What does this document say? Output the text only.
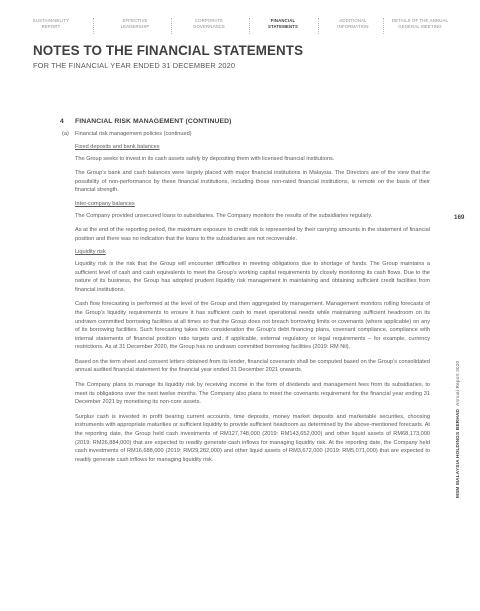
SUSTAINABILITY
REPORT
EFFECTIVE
LEADERSHIP
CORPORATE
GOVERNANCE
FINANCIAL
STATEMENTS
ADDITIONAL
INFORMATION
DETAILS OF THE ANNUAL
GENERAL MEETING
NOTES TO THE FINANCIAL STATEMENTS

FOR THE FINANCIAL YEAR ENDED 31 DECEMBER 2020

4 FINANCIAL RISK MANAGEMENT (CONTINUED)
(a) Financial risk management policies (continued)

Fixed deposits and bank balances

The Group seeks to invest in its cash assets safely by depositing them with licensed financial institutions.

The Group’s bank and cash balances were largely placed with major financial institutions in Malaysia. The Directors are of the view that the possibility of non-performance by these financial institutions, including those non-rated financial institutions, is remote on the basis of their financial strength.

Inter-company balances

The Company provided unsecured loans to subsidiaries. The Company monitors the results of the subsidiaries regularly.

As at the end of the reporting period, the maximum exposure to credit risk is represented by their carrying amounts in the statement of financial position and there was no indication that the loans to the subsidiaries are not recoverable.

Liquidity risk

Liquidity risk is the risk that the Group will encounter difficulties in meeting obligations due to shortage of funds. The Group maintains a sufficient level of cash and cash equivalents to meet the Group’s working capital requirements by closely monitoring its cash flows. Due to the nature of its business, the Group has adopted prudent liquidity risk management in maintaining and obtaining sufficient credit facilities from financial institutions.

Cash flow forecasting is performed at the level of the Group and then aggregated by management. Management monitors rolling forecasts of the Group’s liquidity requirements to ensure it has sufficient cash to meet operational needs while maintaining sufficient headroom on its undrawn committed borrowing facilities at all times so that the Group does not breach borrowing limits or covenants (where applicable) on any of its borrowing facilities. Such forecasting takes into consideration the Group’s debt financing plans, covenant compliance, compliance with internal statements of financial position ratio targets and, if applicable, external regulatory or legal requirements – for example, currency restrictions. As at 31 December 2020, the Group has no undrawn committed borrowing facilities (2019: RM Nil).

Based on the term sheet and consent letters obtained from its lender, financial covenants shall be computed based on the Group’s consolidated annual audited financial statement for the financial year ended 31 December 2021 onwards.

The Company plans to manage its liquidity risk by receiving income in the form of dividends and management fees from its subsidiaries, to meet its obligations over the next twelve months. The Company also plans to meet the covenants requirement for the financial year ending 31 December 2021 by monetising its non-core assets.

Surplus cash is invested in profit bearing current accounts, time deposits, money market deposits and marketable securities, choosing instruments with appropriate maturities or sufficient liquidity to provide sufficient headroom as determined by the above-mentioned forecasts. At the reporting date, the Group held cash investments of RM127,748,000 (2019: RM143,652,000) and other liquid assets of RM68,173,000 (2019: RM26,884,000) that are expected to readily generate cash inflows for managing liquidity risk. At the reporting date, the Company held cash investments of RM16,688,000 (2019: RM29,282,000) and other liquid assets of RM3,672,000 (2019: RM5,071,000) that are expected to readily generate cash inflows for managing liquidity risk.

169
MSM MALAYSIA HOLDINGS BERHAD  Annual Report 2020
